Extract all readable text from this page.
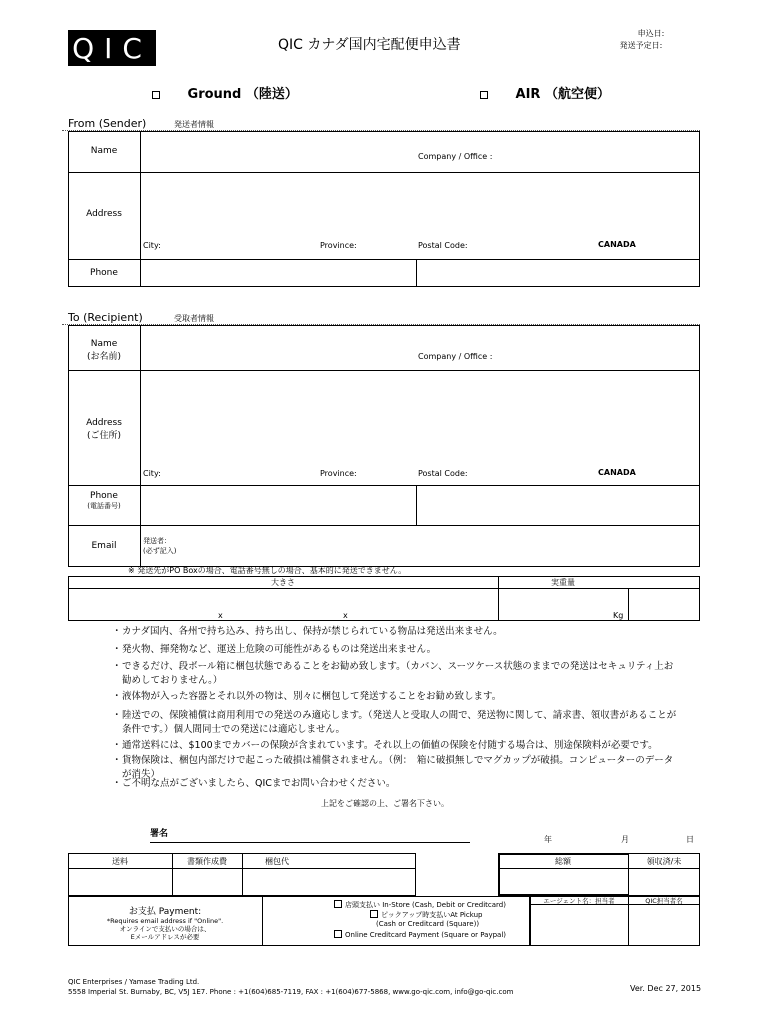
QIC	QIC カナダ国内宅配便申込書
申込日:
発送予定日:
Ground （陸送）	AIR （航空便）
From (Sender)	発送者情報
Name
Company / Office :
Address
City:	Province:	Postal Code:	CANADA
Phone
To (Recipient)	受取者情報
Name
(お名前)	Company / Office :
Address
(ご住所)
City:	Province:	Postal Code:	CANADA
Phone
(電話番号)
Email	発送者：
(必ず記入)
※ 発送先がPO Boxの場合、電話番号無しの場合、基本的に発送できません。
大きさ	実重量
x	x	Kg
・ カナダ国内、各州で持ち込み、持ち出し、保持が禁じられている物品は発送出来ません。
・ 発火物、揮発物など、運送上危険の可能性があるものは発送出来ません。
・ できるだけ、段ボール箱に梱包状態であることをお勧め致します。（カバン、スーツケース状態のままでの発送はセキュリティ上お
勧めしておりません。）
・ 液体物が入った容器とそれ以外の物は、別々に梱包して発送することをお勧め致します。
・ 陸送での、保険補償は商用利用での発送のみ適応します。（発送人と受取人の間で、発送物に関して、請求書、領収書があることが
条件です。）個人間同士での発送には適応しません。
・ 通常送料には、$100までカバーの保険が含まれています。それ以上の価値の保険を付随する場合は、別途保険料が必要です。
・ 貨物保険は、梱包内部だけで起こった破損は補償されません。（例：　箱に破損無しでマグカップが破損。コンピューターのデータ
が消失）
・ ご不明な点がございましたら、QICまでお問い合わせください。
上記をご確認の上、ご署名下さい。
署名
年	月	日
送料	書類作成費	梱包代	総額	領収済/未
お支払 Payment:
*Requires email address if "Online".
オンラインで支払いの場合は、
Eメールアドレスが必要
店頭支払い In-Store (Cash, Debit or Creditcard)
ピックアップ時支払いAt Pickup
(Cash or Creditcard (Square))
Online Creditcard Payment (Square or Paypal)
エージェント名：担当者	QIC担当者名
QIC Enterprises / Yamase Trading Ltd.
5558 Imperial St. Burnaby, BC, V5J 1E7. Phone : +1(604)685-7119, FAX : +1(604)677-5868, www.go-qic.com, info@go-qic.com	Ver. Dec 27, 2015
